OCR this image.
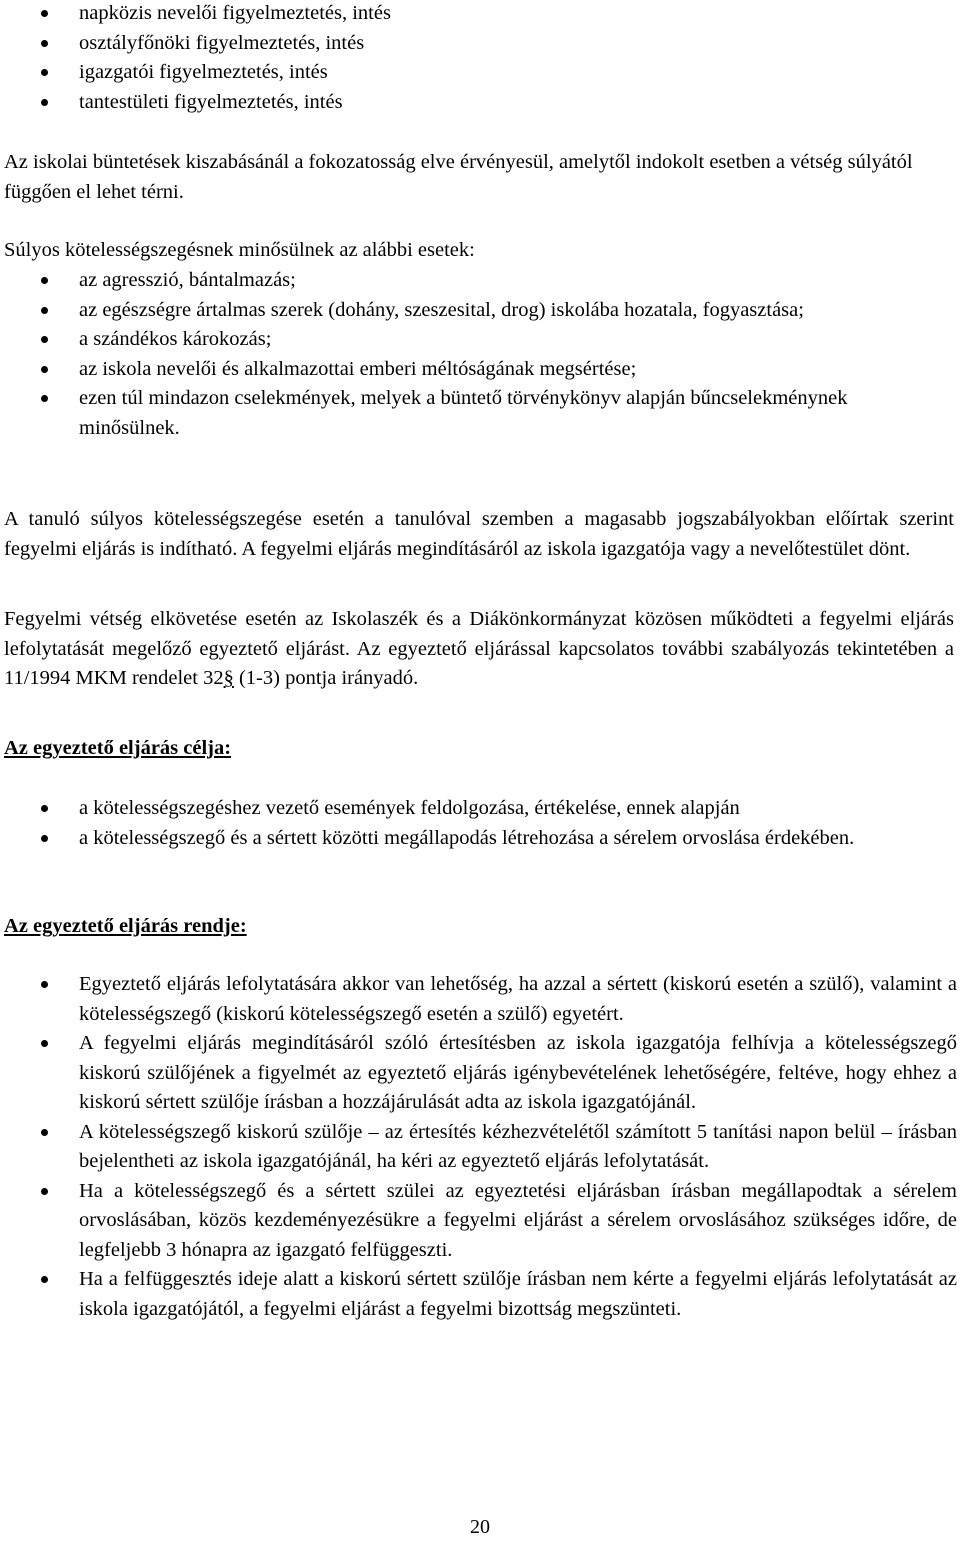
napközis nevelői figyelmeztetés, intés
osztályfőnöki figyelmeztetés, intés
igazgatói figyelmeztetés, intés
tantestületi figyelmeztetés, intés

Az iskolai büntetések kiszabásánál a fokozatosság elve érvényesül, amelytől indokolt esetben a vétség súlyától függően el lehet térni.

Súlyos kötelességszegésnek minősülnek az alábbi esetek:

az agresszió, bántalmazás;
az egészségre ártalmas szerek (dohány, szeszesital, drog) iskolába hozatala, fogyasztása;
a szándékos károkozás;
az iskola nevelői és alkalmazottai emberi méltóságának megsértése;
ezen túl mindazon cselekmények, melyek a büntető törvénykönyv alapján bűncselekménynek minősülnek.

A tanuló súlyos kötelességszegése esetén a tanulóval szemben a magasabb jogszabályokban előírtak szerint fegyelmi eljárás is indítható. A fegyelmi eljárás megindításáról az iskola igazgatója vagy a nevelőtestület dönt.

Fegyelmi vétség elkövetése esetén az Iskolaszék és a Diákönkormányzat közösen működteti a fegyelmi eljárás lefolytatását megelőző egyeztető eljárást. Az egyeztető eljárással kapcsolatos további szabályozás tekintetében a 11/1994 MKM rendelet 32§ (1-3) pontja irányadó.

Az egyeztető eljárás célja:

a kötelességszegéshez vezető események feldolgozása, értékelése, ennek alapján
a kötelességszegő és a sértett közötti megállapodás létrehozása a sérelem orvoslása érdekében.

Az egyeztető eljárás rendje:

Egyeztető eljárás lefolytatására akkor van lehetőség, ha azzal a sértett (kiskorú esetén a szülő), valamint a kötelességszegő (kiskorú kötelességszegő esetén a szülő) egyetért.
A fegyelmi eljárás megindításáról szóló értesítésben az iskola igazgatója felhívja a kötelességszegő kiskorú szülőjének a figyelmét az egyeztető eljárás igénybevételének lehetőségére, feltéve, hogy ehhez a kiskorú sértett szülője írásban a hozzájárulását adta az iskola igazgatójánál.
A kötelességszegő kiskorú szülője – az értesítés kézhezvételétől számított 5 tanítási napon belül – írásban bejelentheti az iskola igazgatójánál, ha kéri az egyeztető eljárás lefolytatását.
Ha a kötelességszegő és a sértett szülei az egyeztetési eljárásban írásban megállapodtak a sérelem orvoslásában, közös kezdeményezésükre a fegyelmi eljárást a sérelem orvoslásához szükséges időre, de legfeljebb 3 hónapra az igazgató felfüggeszti.
Ha a felfüggesztés ideje alatt a kiskorú sértett szülője írásban nem kérte a fegyelmi eljárás lefolytatását az iskola igazgatójától, a fegyelmi eljárást a fegyelmi bizottság megszünteti.
20
